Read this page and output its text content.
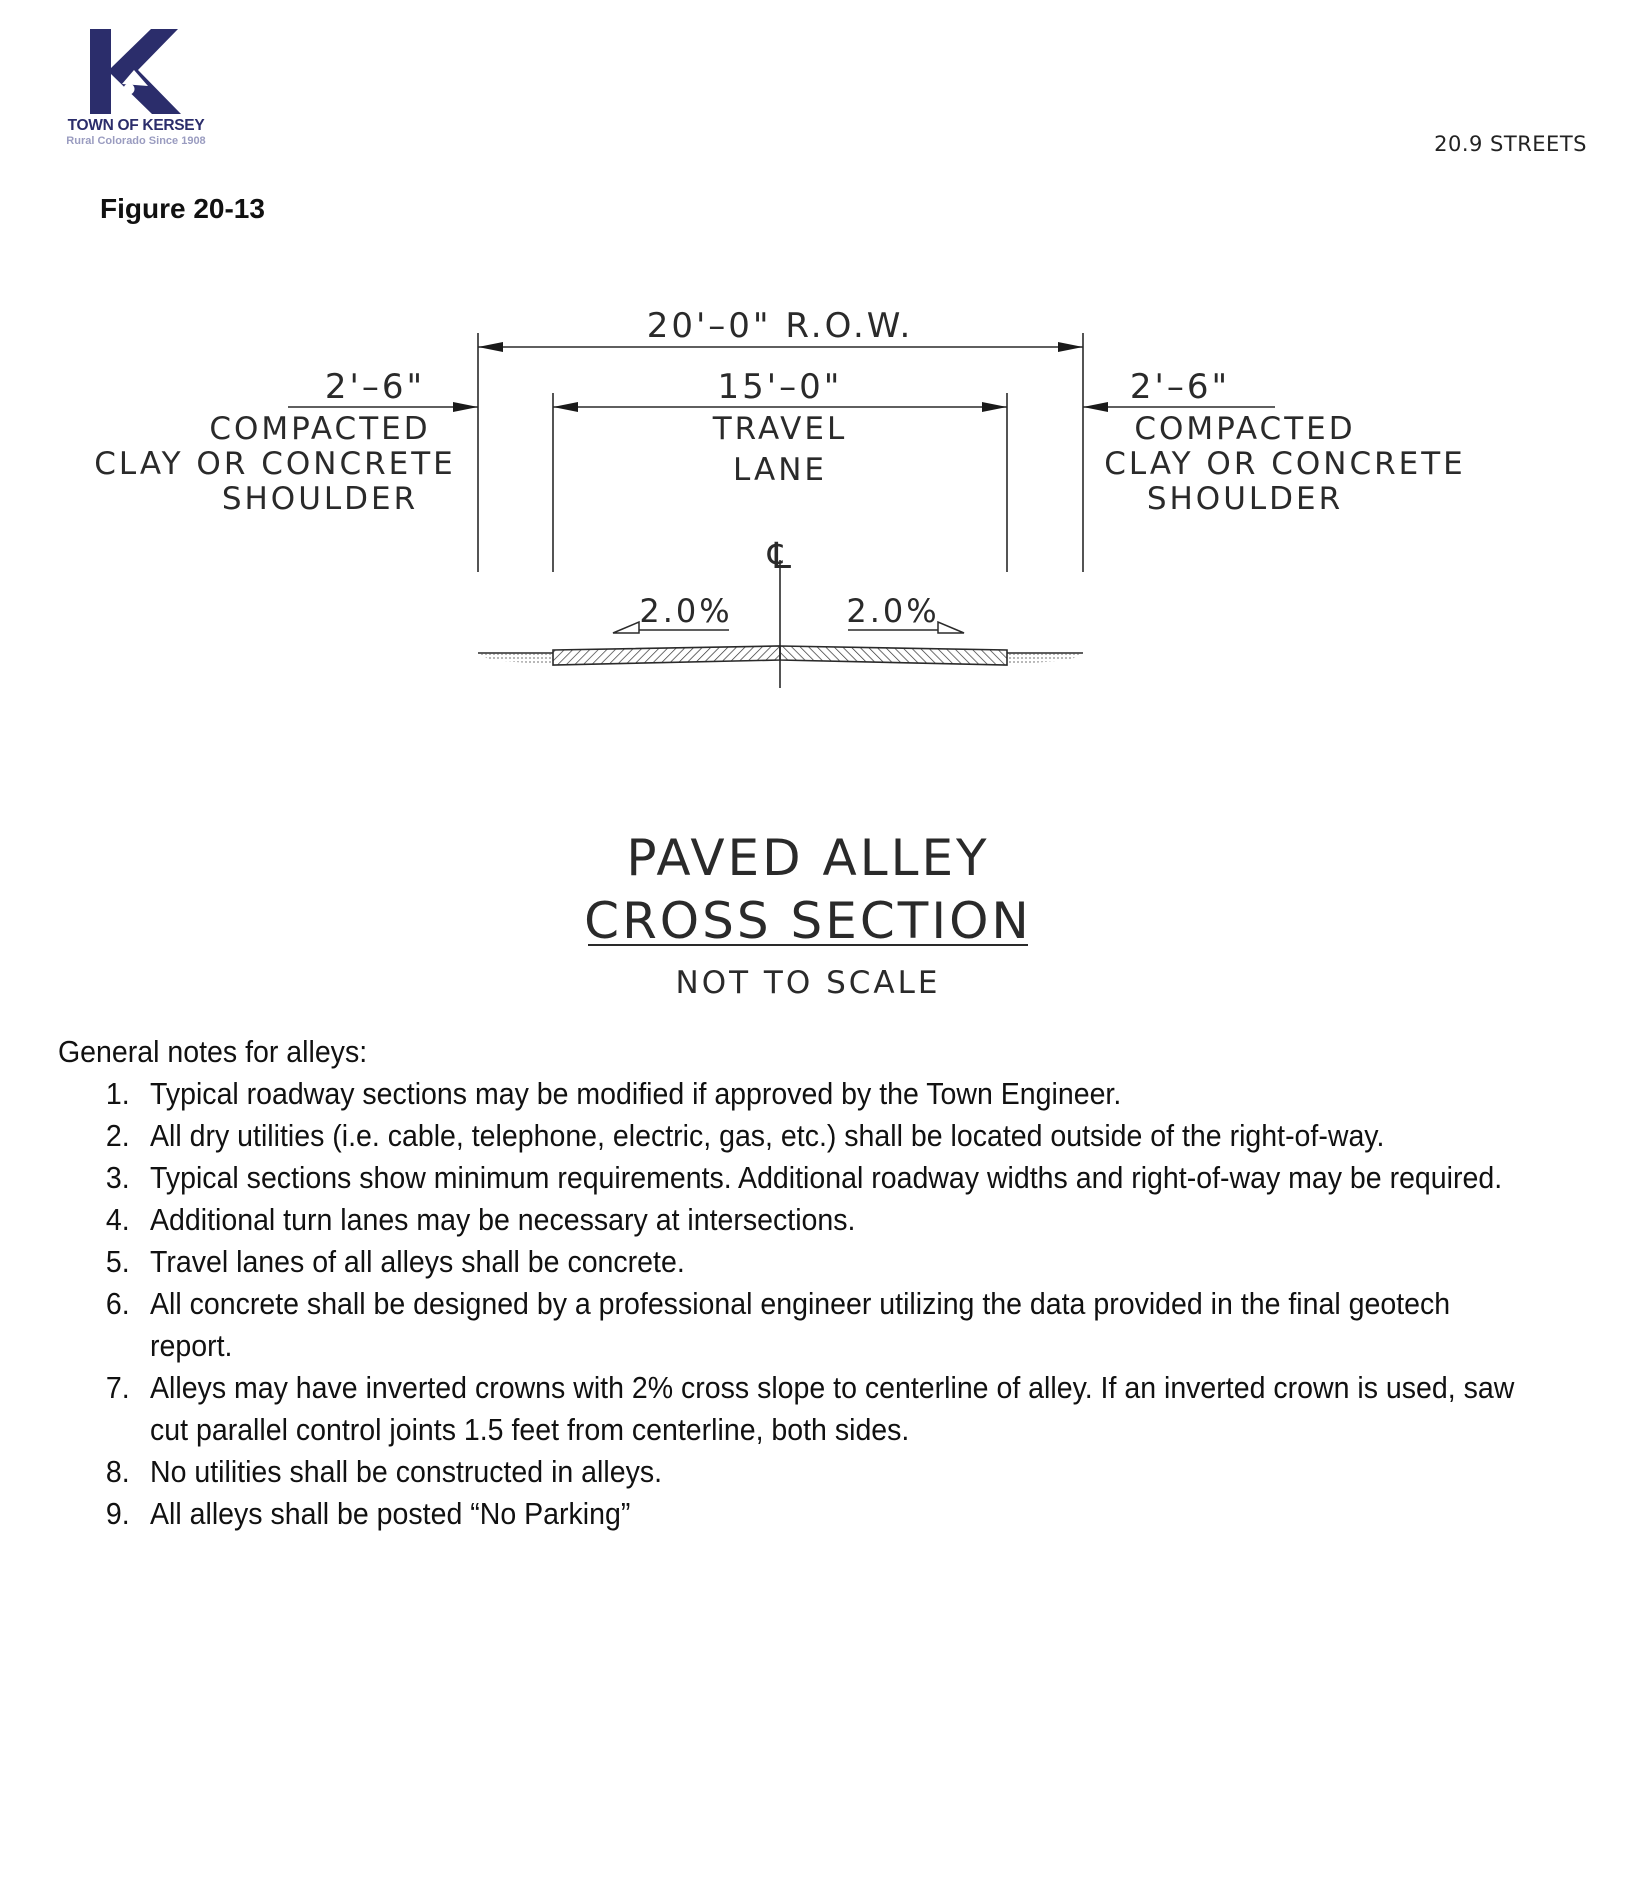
K
TOWN OF KERSEY
Rural Colorado Since 1908	20.9 STREETS
Figure 20-13
20'–0" R.O.W.
15'–0"
TRAVEL
LANE
2'–6"
COMPACTED
CLAY OR CONCRETE
SHOULDER
2'–6"
COMPACTED
CLAY OR CONCRETE
SHOULDER
℄
2.0%	2.0%
PAVED ALLEY
CROSS SECTION
NOT TO SCALE
General notes for alleys:
1. Typical roadway sections may be modified if approved by the Town Engineer.
2. All dry utilities (i.e. cable, telephone, electric, gas, etc.) shall be located outside of the right-of-way.
3. Typical sections show minimum requirements. Additional roadway widths and right-of-way may be required.
4. Additional turn lanes may be necessary at intersections.
5. Travel lanes of all alleys shall be concrete.
6. All concrete shall be designed by a professional engineer utilizing the data provided in the final geotech report.
7. Alleys may have inverted crowns with 2% cross slope to centerline of alley. If an inverted crown is used, saw cut parallel control joints 1.5 feet from centerline, both sides.
8. No utilities shall be constructed in alleys.
9. All alleys shall be posted “No Parking”
